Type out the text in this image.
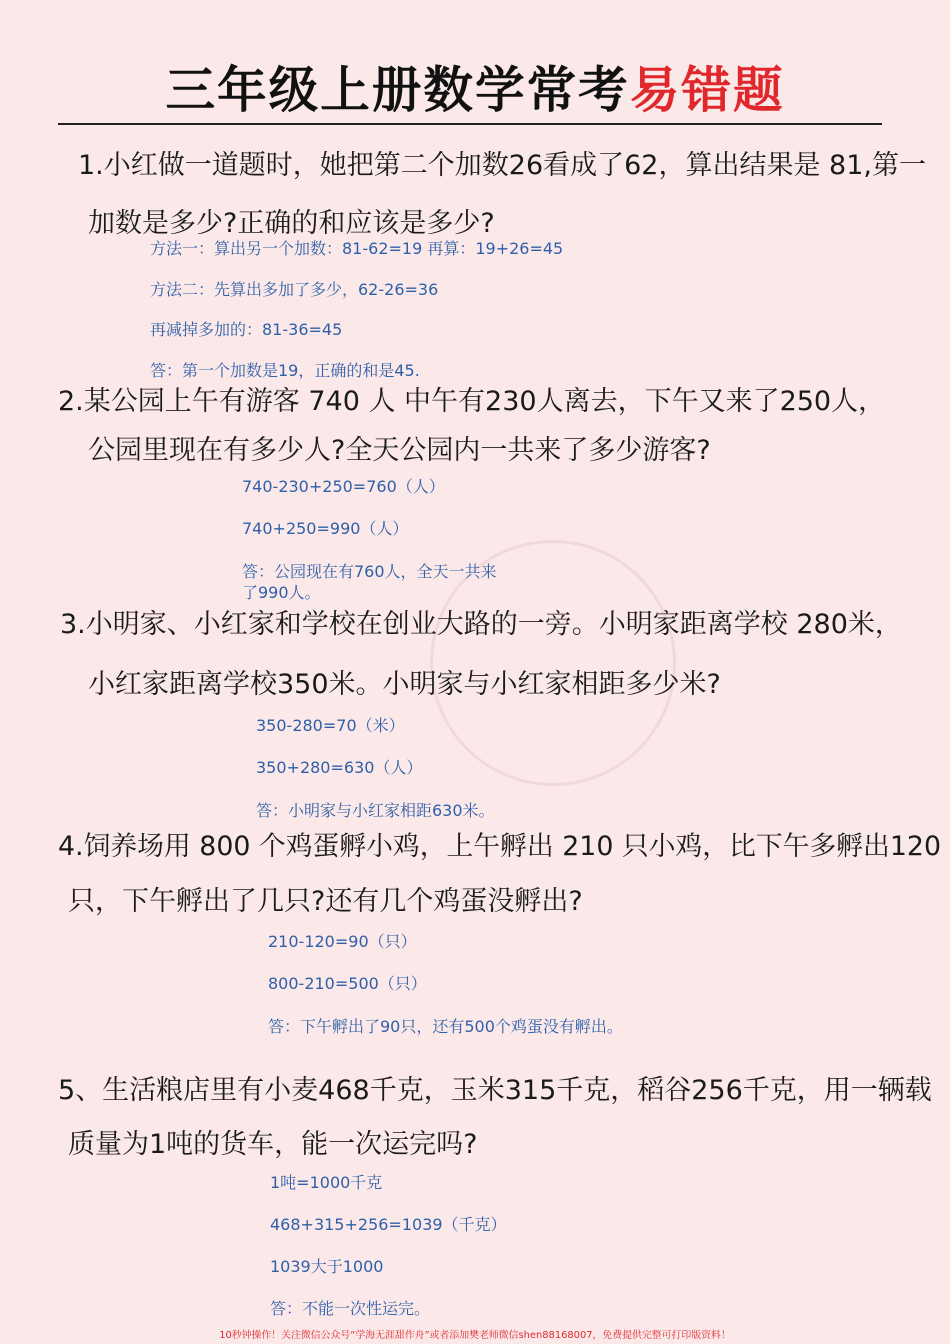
三年级上册数学常考易错题
1.小红做一道题时，她把第二个加数26看成了62，算出结果是 81,第一
加数是多少?正确的和应该是多少?
方法一：算出另一个加数：81-62=19 再算：19+26=45
方法二：先算出多加了多少，62-26=36
再减掉多加的：81-36=45
答：第一个加数是19，正确的和是45.
2.某公园上午有游客 740 人 中午有230人离去，下午又来了250人，
公园里现在有多少人?全天公园内一共来了多少游客?
740-230+250=760（人）
740+250=990（人）
答：公园现在有760人，全天一共来
了990人。
3.小明家、小红家和学校在创业大路的一旁。小明家距离学校 280米，
小红家距离学校350米。小明家与小红家相距多少米?
350-280=70（米）
350+280=630（人）
答：小明家与小红家相距630米。
4.饲养场用 800 个鸡蛋孵小鸡，上午孵出 210 只小鸡，比下午多孵出120
只，下午孵出了几只?还有几个鸡蛋没孵出?
210-120=90（只）
800-210=500（只）
答：下午孵出了90只，还有500个鸡蛋没有孵出。
5、生活粮店里有小麦468千克，玉米315千克，稻谷256千克，用一辆载
质量为1吨的货车，能一次运完吗?
1吨=1000千克
468+315+256=1039（千克）
1039大于1000
答：不能一次性运完。
10秒钟操作！关注微信公众号“学海无涯甜作舟”或者添加樊老师微信shen88168007，免费提供完整可打印版资料！
